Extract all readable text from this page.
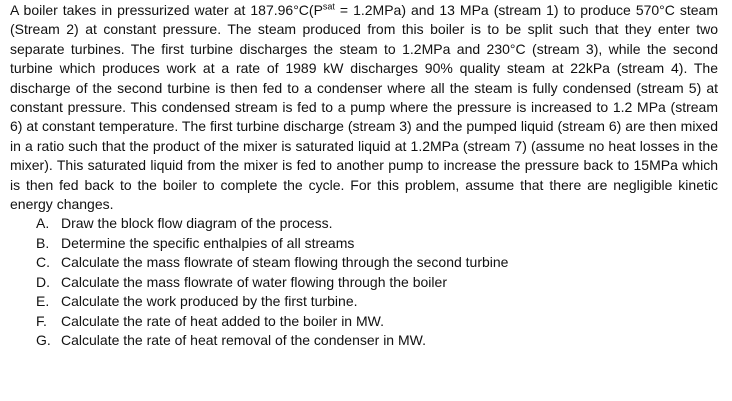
A boiler takes in pressurized water at $187.96^\circ C(P^{sat} = 1.2MPa)$ and 13 MPa (stream 1) to produce 570°C steam (Stream 2) at constant pressure. The steam produced from this boiler is to be split such that they enter two separate turbines. The first turbine discharges the steam to 1.2MPa and 230°C (stream 3), while the second turbine which produces work at a rate of 1989 kW discharges 90% quality steam at 22kPa (stream 4). The discharge of the second turbine is then fed to a condenser where all the steam is fully condensed (stream 5) at constant pressure. This condensed stream is fed to a pump where the pressure is increased to 1.2 MPa (stream 6) at constant temperature. The first turbine discharge (stream 3) and the pumped liquid (stream 6) are then mixed in a ratio such that the product of the mixer is saturated liquid at 1.2MPa (stream 7) (assume no heat losses in the mixer). This saturated liquid from the mixer is fed to another pump to increase the pressure back to 15MPa which is then fed back to the boiler to complete the cycle. For this problem, assume that there are negligible kinetic energy changes.

A. Draw the block flow diagram of the process.
B. Determine the specific enthalpies of all streams
C. Calculate the mass flowrate of steam flowing through the second turbine
D. Calculate the mass flowrate of water flowing through the boiler
E. Calculate the work produced by the first turbine.
F.	Calculate the rate of heat added to the boiler in MW.
G. Calculate the rate of heat removal of the condenser in MW.
